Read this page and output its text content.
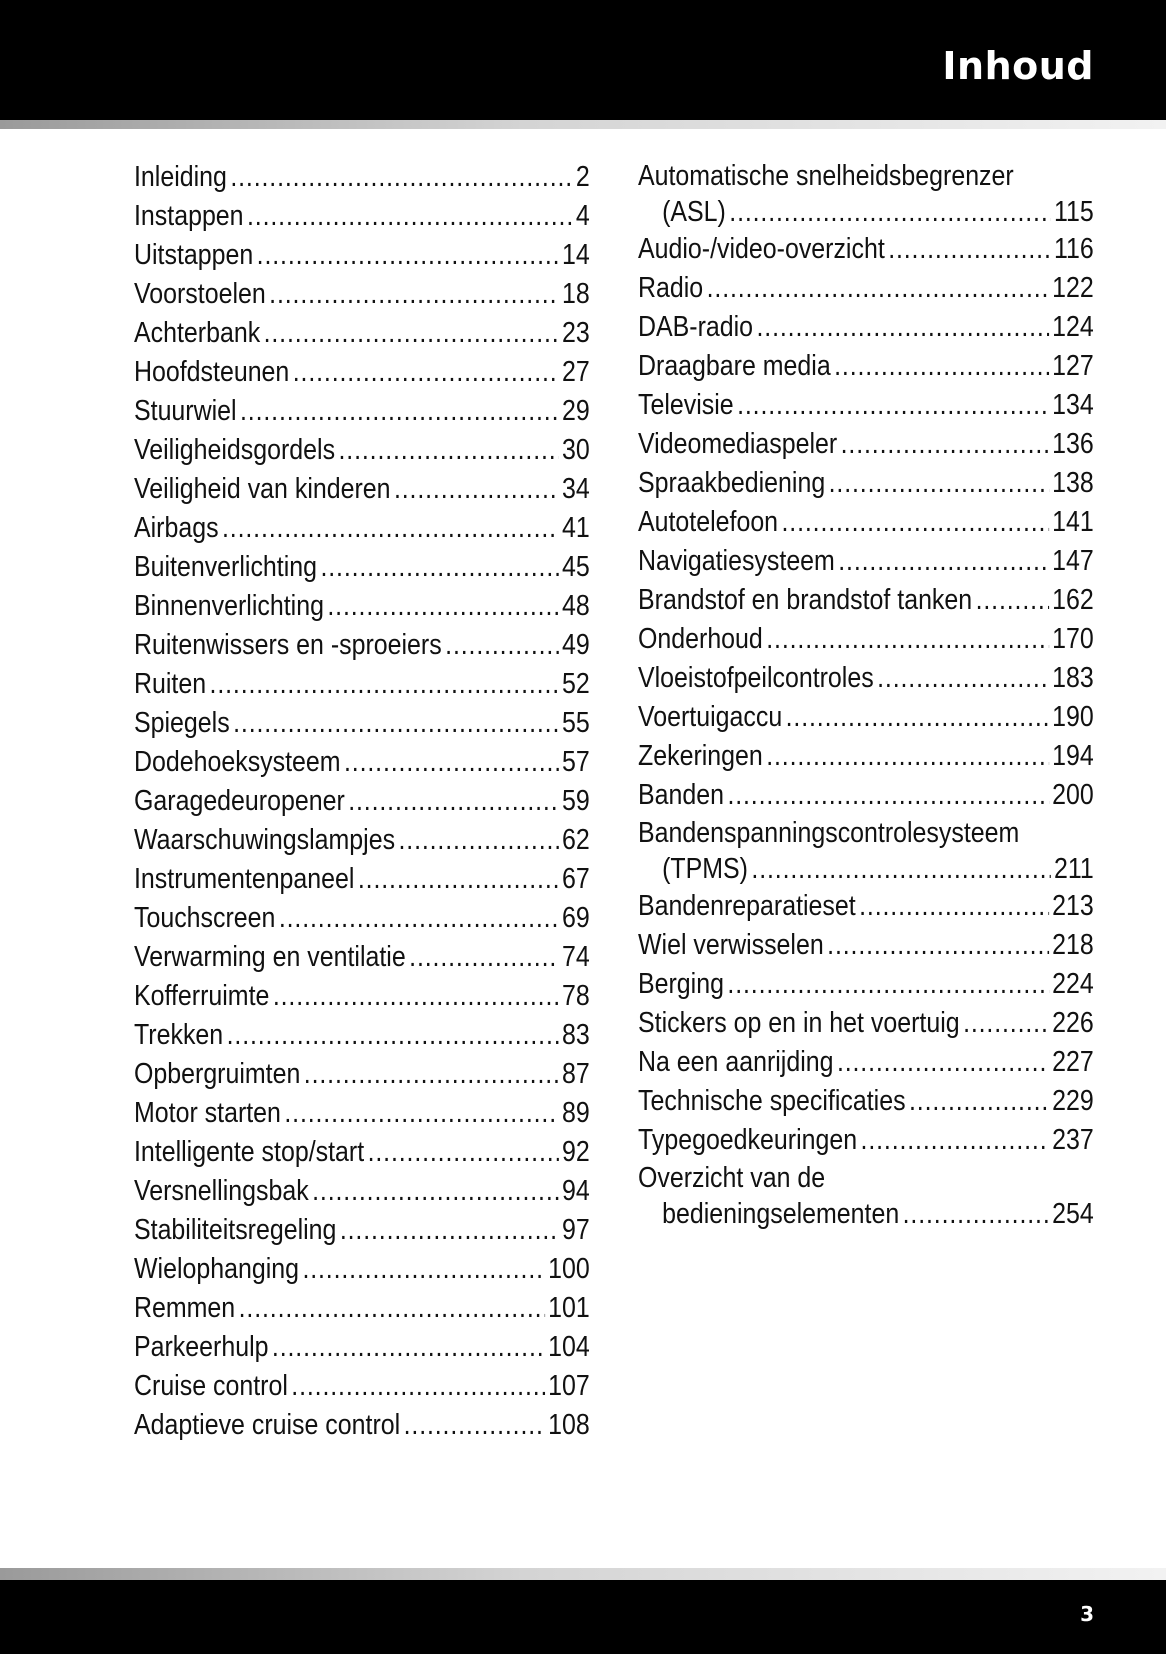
Inhoud
Inleiding .....	2
Instappen .....	4
Uitstappen .....	14
Voorstoelen .....	18
Achterbank .....	23
Hoofdsteunen .....	27
Stuurwiel .....	29
Veiligheidsgordels .....	30
Veiligheid van kinderen .....	34
Airbags .....	41
Buitenverlichting .....	45
Binnenverlichting .....	48
Ruitenwissers en -sproeiers .....	49
Ruiten .....	52
Spiegels .....	55
Dodehoeksysteem .....	57
Garagedeuropener .....	59
Waarschuwingslampjes .....	62
Instrumentenpaneel .....	67
Touchscreen .....	69
Verwarming en ventilatie .....	74
Kofferruimte .....	78
Trekken .....	83
Opbergruimten .....	87
Motor starten .....	89
Intelligente stop/start .....	92
Versnellingsbak .....	94
Stabiliteitsregeling .....	97
Wielophanging .....	100
Remmen .....	101
Parkeerhulp .....	104
Cruise control .....	107
Adaptieve cruise control .....	108
Automatische snelheidsbegrenzer
(ASL) .....	115
Audio-/video-overzicht .....	116
Radio .....	122
DAB-radio .....	124
Draagbare media .....	127
Televisie .....	134
Videomediaspeler .....	136
Spraakbediening .....	138
Autotelefoon .....	141
Navigatiesysteem .....	147
Brandstof en brandstof tanken .....	162
Onderhoud .....	170
Vloeistofpeilcontroles .....	183
Voertuigaccu .....	190
Zekeringen .....	194
Banden .....	200
Bandenspanningscontrolesysteem
(TPMS) .....	211
Bandenreparatieset .....	213
Wiel verwisselen .....	218
Berging .....	224
Stickers op en in het voertuig .....	226
Na een aanrijding .....	227
Technische specificaties .....	229
Typegoedkeuringen .....	237
Overzicht van de
bedieningselementen .....	254
3
